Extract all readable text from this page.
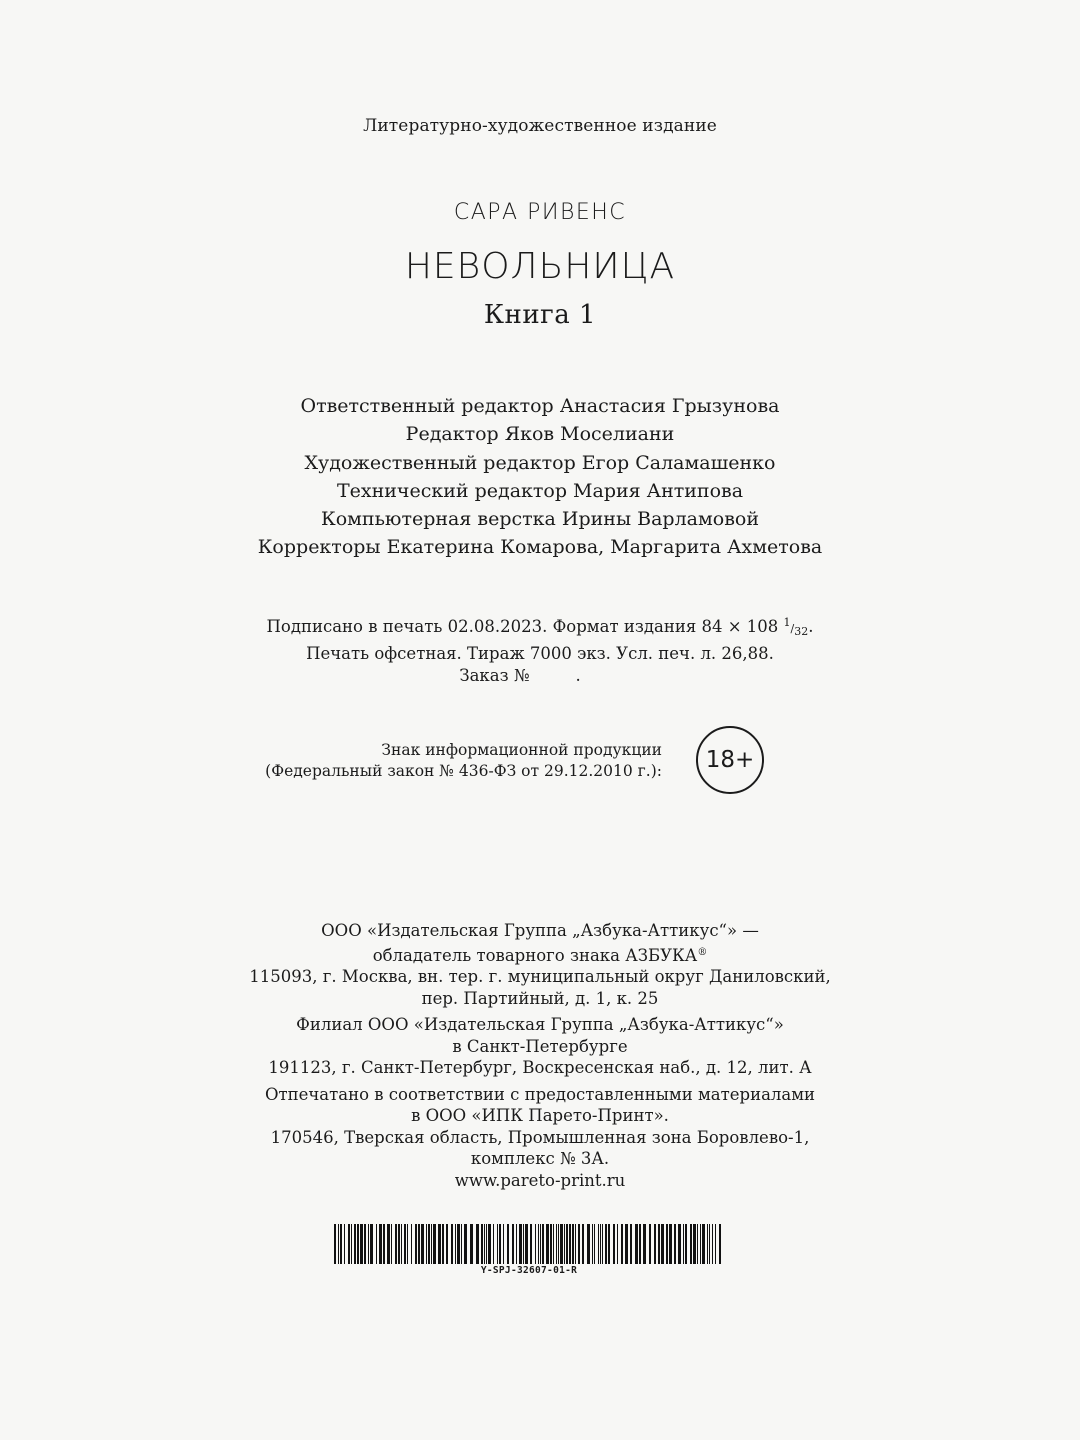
Литературно-художественное издание
САРА РИВЕНС
НЕВОЛЬНИЦА
Книга 1
Ответственный редактор Анастасия Грызунова
Редактор Яков Моселиани
Художественный редактор Егор Саламашенко
Технический редактор Мария Антипова
Компьютерная верстка Ирины Варламовой
Корректоры Екатерина Комарова, Маргарита Ахметова
Подписано в печать 02.08.2023. Формат издания 84 × 108 1/32.
Печать офсетная. Тираж 7000 экз. Усл. печ. л. 26,88.
Заказ №	.
Знак информационной продукции
(Федеральный закон № 436-ФЗ от 29.12.2010 г.):	18+
ООО «Издательская Группа „Азбука-Аттикус“» —
обладатель товарного знака АЗБУКА®
115093, г. Москва, вн. тер. г. муниципальный округ Даниловский,
пер. Партийный, д. 1, к. 25
Филиал ООО «Издательская Группа „Азбука-Аттикус“»
в Санкт-Петербурге
191123, г. Санкт-Петербург, Воскресенская наб., д. 12, лит. А
Отпечатано в соответствии с предоставленными материалами
в ООО «ИПК Парето-Принт».
170546, Тверская область, Промышленная зона Боровлево-1,
комплекс № 3А.
www.pareto-print.ru
Y-SPJ-32607-01-R
